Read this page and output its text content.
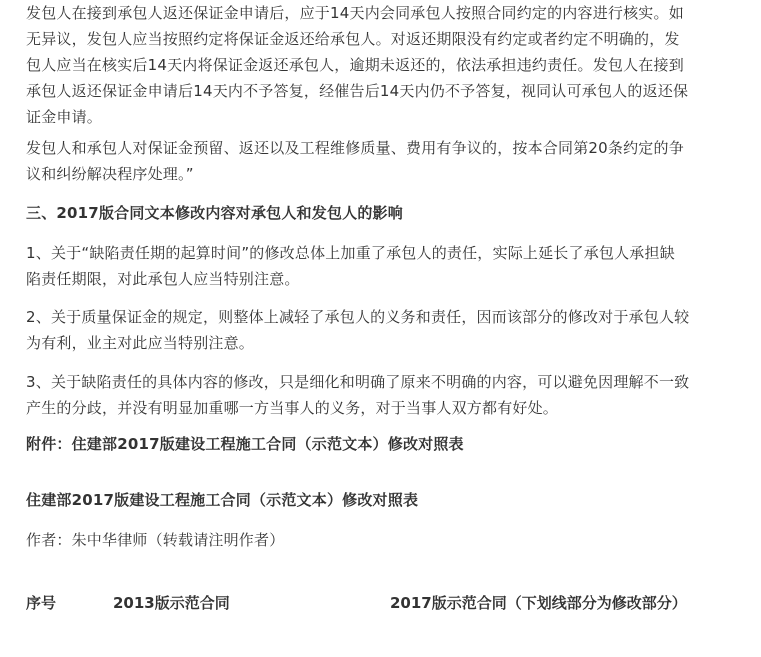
发包人在接到承包人返还保证金申请后，应于14天内会同承包人按照合同约定的内容进行核实。如无异议，发包人应当按照约定将保证金返还给承包人。对返还期限没有约定或者约定不明确的，发包人应当在核实后14天内将保证金返还承包人，逾期未返还的，依法承担违约责任。发包人在接到承包人返还保证金申请后14天内不予答复，经催告后14天内仍不予答复，视同认可承包人的返还保证金申请。

发包人和承包人对保证金预留、返还以及工程维修质量、费用有争议的，按本合同第20条约定的争议和纠纷解决程序处理。”

三、2017版合同文本修改内容对承包人和发包人的影响

1、关于“缺陷责任期的起算时间”的修改总体上加重了承包人的责任，实际上延长了承包人承担缺陷责任期限，对此承包人应当特别注意。

2、关于质量保证金的规定，则整体上减轻了承包人的义务和责任，因而该部分的修改对于承包人较为有利，业主对此应当特别注意。

3、关于缺陷责任的具体内容的修改，只是细化和明确了原来不明确的内容，可以避免因理解不一致产生的分歧，并没有明显加重哪一方当事人的义务，对于当事人双方都有好处。

附件：住建部2017版建设工程施工合同（示范文本）修改对照表

住建部2017版建设工程施工合同（示范文本）修改对照表

作者：朱中华律师（转载请注明作者）

序号	2013版示范合同	2017版示范合同（下划线部分为修改部分）
